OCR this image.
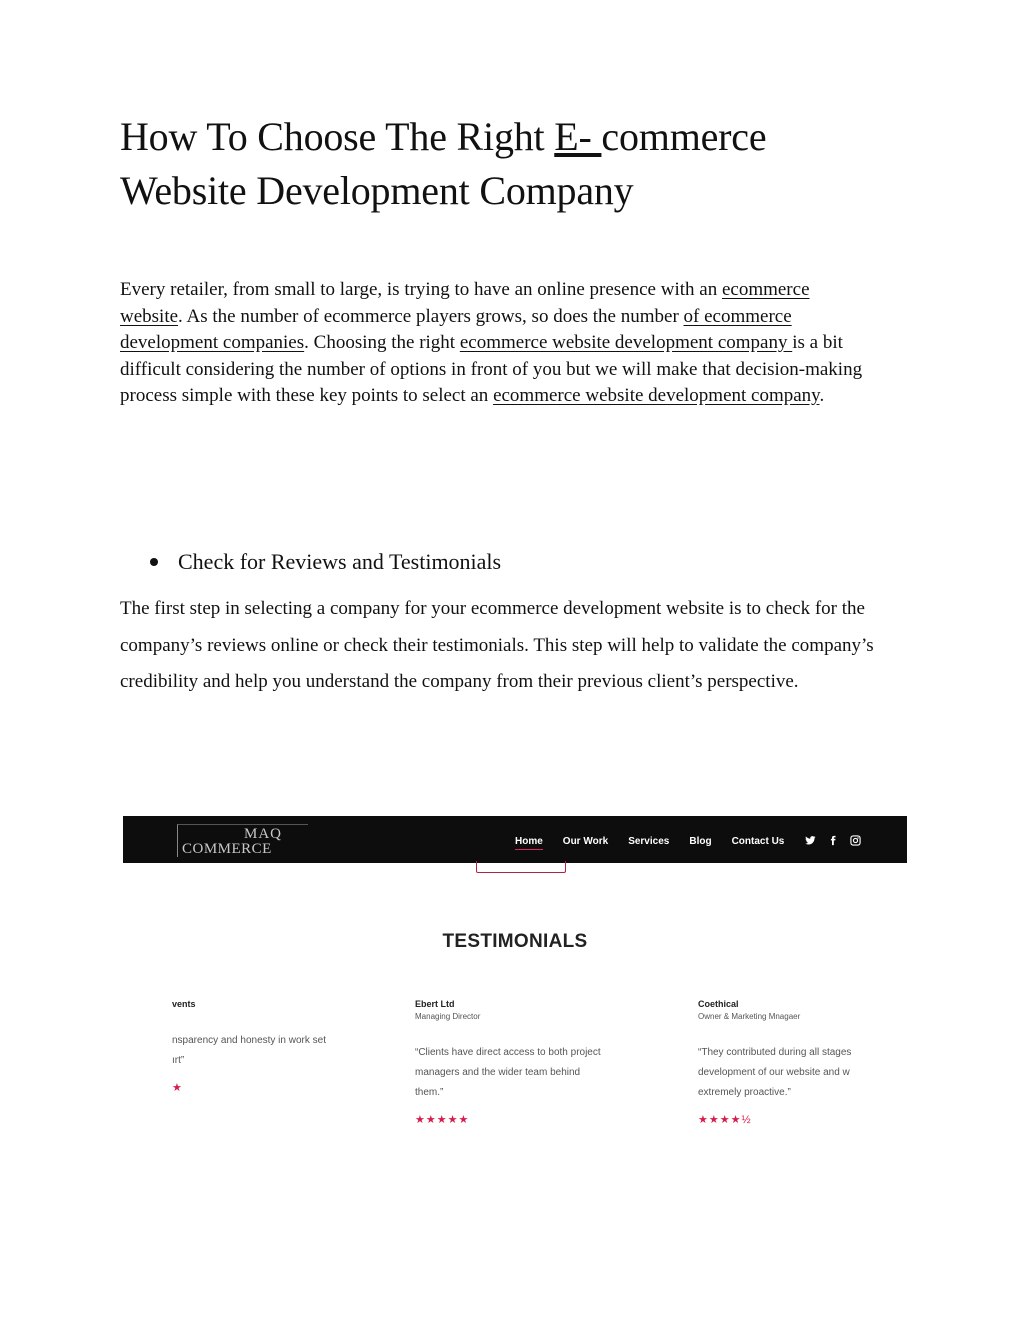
How To Choose The Right E- commerce Website Development Company

Every retailer, from small to large, is trying to have an online presence with an ecommerce website. As the number of ecommerce players grows, so does the number of ecommerce development companies. Choosing the right ecommerce website development company is a bit difficult considering the number of options in front of you but we will make that decision-making process simple with these key points to select an ecommerce website development company.

Check for Reviews and Testimonials

The first step in selecting a company for your ecommerce development website is to check for the company’s reviews online or check their testimonials. This step will help to validate the company’s credibility and help you understand the company from their previous client’s perspective.

MAQ
COMMERCE	Home Our Work Services Blog Contact Us
TESTIMONIALS
vents
nsparency and honesty in work set
ırt”
★
Ebert Ltd
Managing Director
“Clients have direct access to both project
managers and the wider team behind
them.”
★★★★★
Coethical
Owner & Marketing Mnagaer
“They contributed during all stages
development of our website and w
extremely proactive.”
★★★★½
